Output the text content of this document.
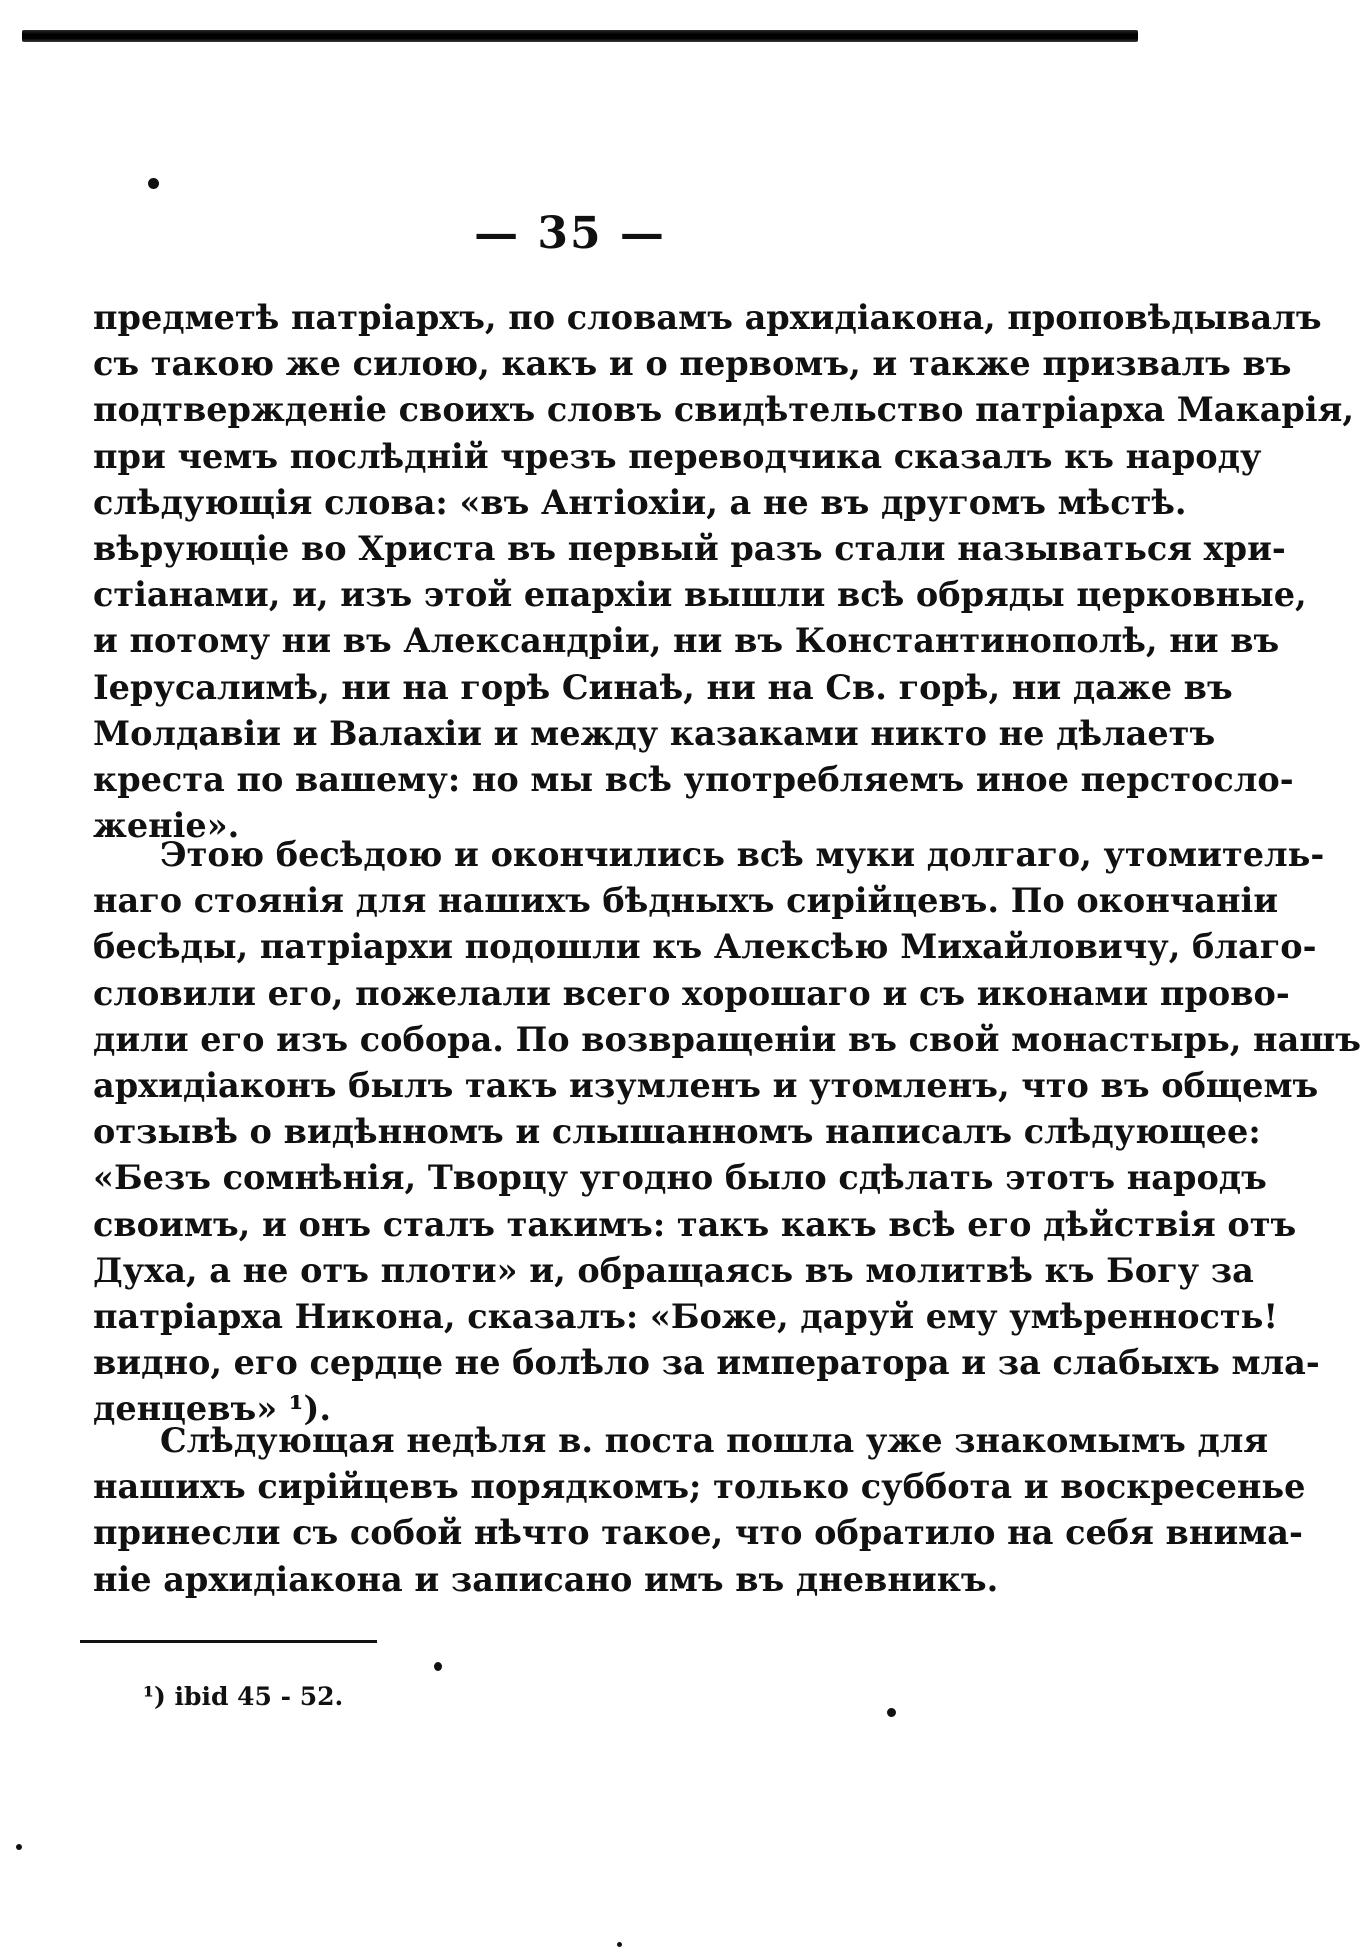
— 35 —
предметѣ патріархъ, по словамъ архидіакона, проповѣдывалъ
съ такою же силою, какъ и о первомъ, и также призвалъ въ
подтвержденіе своихъ словъ свидѣтельство патріарха Макарія,
при чемъ послѣдній чрезъ переводчика сказалъ къ народу
слѣдующія слова: «въ Антіохіи, а не въ другомъ мѣстѣ.
вѣрующіе во Христа въ первый разъ стали называться хри-
стіанами, и, изъ этой епархіи вышли всѣ обряды церковные,
и потому ни въ Александріи, ни въ Константинополѣ, ни въ
Іерусалимѣ, ни на горѣ Синаѣ, ни на Св. горѣ, ни даже въ
Молдавіи и Валахіи и между казаками никто не дѣлаетъ
креста по вашему: но мы всѣ употребляемъ иное перстосло-
женіе».
Этою бесѣдою и окончились всѣ муки долгаго, утомитель-
наго стоянія для нашихъ бѣдныхъ сирійцевъ. По окончаніи
бесѣды, патріархи подошли къ Алексѣю Михайловичу, благо-
словили его, пожелали всего хорошаго и съ иконами прово-
дили его изъ собора. По возвращеніи въ свой монастырь, нашъ
архидіаконъ былъ такъ изумленъ и утомленъ, что въ общемъ
отзывѣ о видѣнномъ и слышанномъ написалъ слѣдующее:
«Безъ сомнѣнія, Творцу угодно было сдѣлать этотъ народъ
своимъ, и онъ сталъ такимъ: такъ какъ всѣ его дѣйствія отъ
Духа, а не отъ плоти» и, обращаясь въ молитвѣ къ Богу за
патріарха Никона, сказалъ: «Боже, даруй ему умѣренность!
видно, его сердце не болѣло за императора и за слабыхъ мла-
денцевъ» ¹).
Слѣдующая недѣля в. поста пошла уже знакомымъ для
нашихъ сирійцевъ порядкомъ; только суббота и воскресенье
принесли съ собой нѣчто такое, что обратило на себя внима-
ніе архидіакона и записано имъ въ дневникъ.
¹) ibid 45 - 52.
